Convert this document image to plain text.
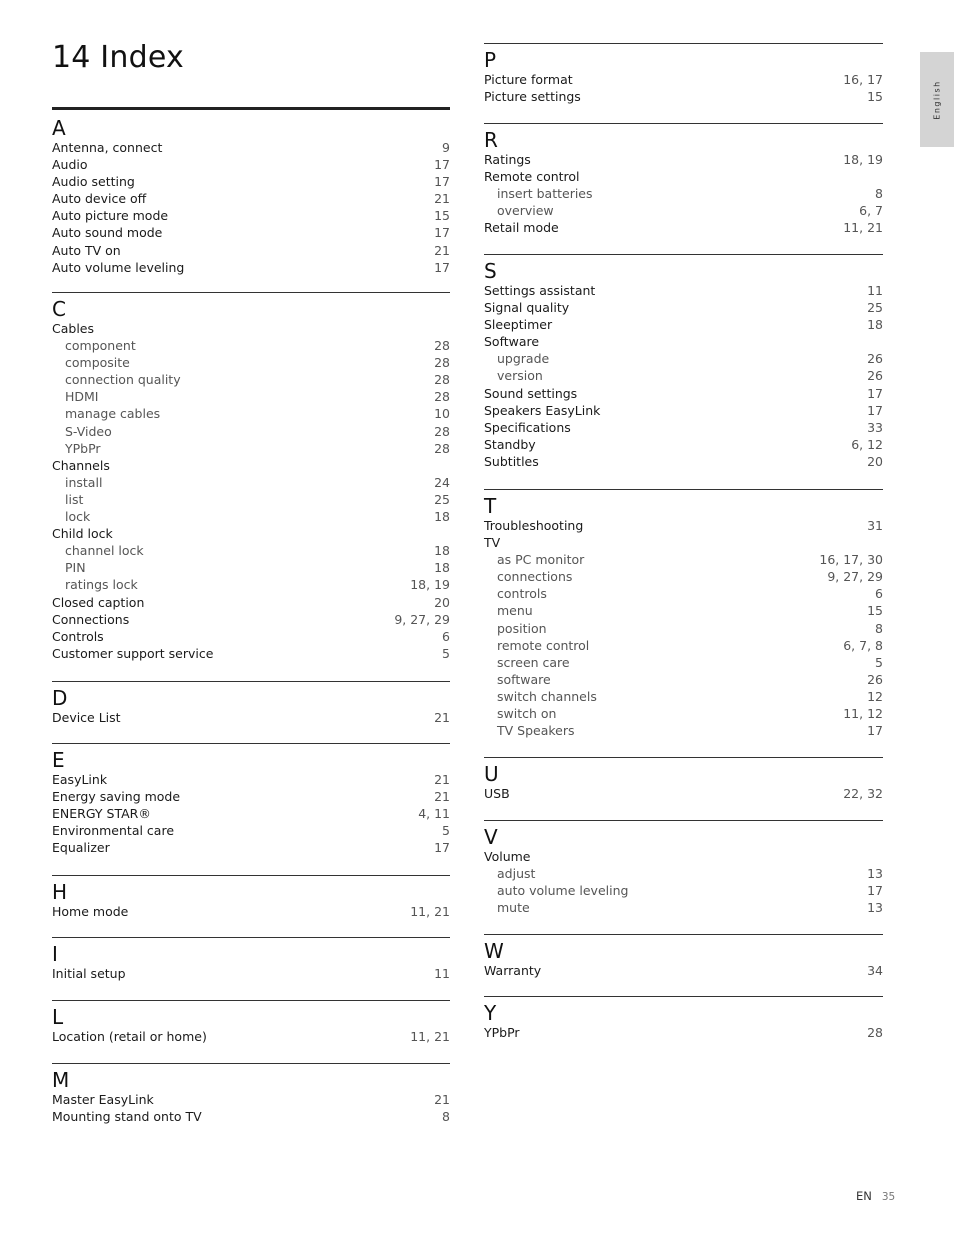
14 Index
A
Antenna, connect	9
Audio	17
Audio setting	17
Auto device off	21
Auto picture mode	15
Auto sound mode	17
Auto TV on	21
Auto volume leveling	17
C
Cables
component	28
composite	28
connection quality	28
HDMI	28
manage cables	10
S-Video	28
YPbPr	28
Channels
install	24
list	25
lock	18
Child lock
channel lock	18
PIN	18
ratings lock	18, 19
Closed caption	20
Connections	9, 27, 29
Controls	6
Customer support service	5
D
Device List	21
E
EasyLink	21
Energy saving mode	21
ENERGY STAR®	4, 11
Environmental care	5
Equalizer	17
H
Home mode	11, 21
I
Initial setup	11
L
Location (retail or home)	11, 21
M
Master EasyLink	21
Mounting stand onto TV	8
P
Picture format	16, 17
Picture settings	15
R
Ratings	18, 19
Remote control
insert batteries	8
overview	6, 7
Retail mode	11, 21
S
Settings assistant	11
Signal quality	25
Sleeptimer	18
Software
upgrade	26
version	26
Sound settings	17
Speakers EasyLink	17
Specifications	33
Standby	6, 12
Subtitles	20
T
Troubleshooting	31
TV
as PC monitor	16, 17, 30
connections	9, 27, 29
controls	6
menu	15
position	8
remote control	6, 7, 8
screen care	5
software	26
switch channels	12
switch on	11, 12
TV Speakers	17
U
USB	22, 32
V
Volume
adjust	13
auto volume leveling	17
mute	13
W
Warranty	34
Y
YPbPr	28
English
EN 35
